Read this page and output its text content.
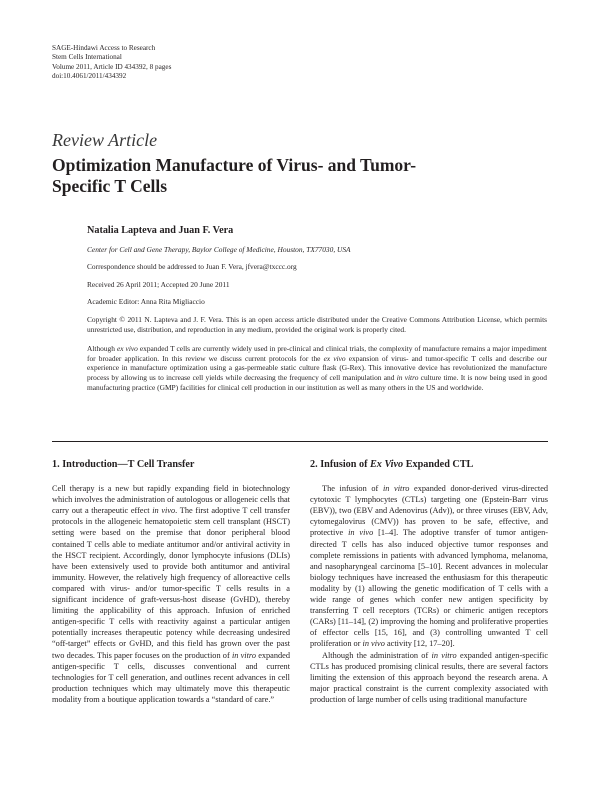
SAGE-Hindawi Access to Research
Stem Cells International
Volume 2011, Article ID 434392, 8 pages
doi:10.4061/2011/434392
Review Article
Optimization Manufacture of Virus- and Tumor-Specific T Cells
Natalia Lapteva and Juan F. Vera
Center for Cell and Gene Therapy, Baylor College of Medicine, Houston, TX77030, USA
Correspondence should be addressed to Juan F. Vera, jfvera@txccc.org
Received 26 April 2011; Accepted 20 June 2011
Academic Editor: Anna Rita Migliaccio
Copyright © 2011 N. Lapteva and J. F. Vera. This is an open access article distributed under the Creative Commons Attribution License, which permits unrestricted use, distribution, and reproduction in any medium, provided the original work is properly cited.
Although ex vivo expanded T cells are currently widely used in pre-clinical and clinical trials, the complexity of manufacture remains a major impediment for broader application. In this review we discuss current protocols for the ex vivo expansion of virus- and tumor-specific T cells and describe our experience in manufacture optimization using a gas-permeable static culture flask (G-Rex). This innovative device has revolutionized the manufacture process by allowing us to increase cell yields while decreasing the frequency of cell manipulation and in vitro culture time. It is now being used in good manufacturing practice (GMP) facilities for clinical cell production in our institution as well as many others in the US and worldwide.
1. Introduction—T Cell Transfer

Cell therapy is a new but rapidly expanding field in biotechnology which involves the administration of autologous or allogeneic cells that carry out a therapeutic effect in vivo. The first adoptive T cell transfer protocols in the allogeneic hematopoietic stem cell transplant (HSCT) setting were based on the premise that donor peripheral blood contained T cells able to mediate antitumor and/or antiviral activity in the HSCT recipient. Accordingly, donor lymphocyte infusions (DLIs) have been extensively used to provide both antitumor and antiviral immunity. However, the relatively high frequency of alloreactive cells compared with virus- and/or tumor-specific T cells results in a significant incidence of graft-versus-host disease (GvHD), thereby limiting the applicability of this approach. Infusion of enriched antigen-specific T cells with reactivity against a particular antigen potentially increases therapeutic potency while decreasing undesired “off-target” effects or GvHD, and this field has grown over the past two decades. This paper focuses on the production of in vitro expanded antigen-specific T cells, discusses conventional and current technologies for T cell generation, and outlines recent advances in cell production techniques which may ultimately move this therapeutic modality from a boutique application towards a “standard of care.”

2. Infusion of Ex Vivo Expanded CTL

The infusion of in vitro expanded donor-derived virus-directed cytotoxic T lymphocytes (CTLs) targeting one (Epstein-Barr virus (EBV)), two (EBV and Adenovirus (Adv)), or three viruses (EBV, Adv, cytomegalovirus (CMV)) has proven to be safe, effective, and protective in vivo [1–4]. The adoptive transfer of tumor antigen-directed T cells has also induced objective tumor responses and complete remissions in patients with advanced lymphoma, melanoma, and nasopharyngeal carcinoma [5–10]. Recent advances in molecular biology techniques have increased the enthusiasm for this therapeutic modality by (1) allowing the genetic modification of T cells with a wide range of genes which confer new antigen specificity by transferring T cell receptors (TCRs) or chimeric antigen receptors (CARs) [11–14], (2) improving the homing and proliferative properties of effector cells [15, 16], and (3) controlling unwanted T cell proliferation or in vivo activity [12, 17–20].

Although the administration of in vitro expanded antigen-specific CTLs has produced promising clinical results, there are several factors limiting the extension of this approach beyond the research arena. A major practical constraint is the current complexity associated with production of large number of cells using traditional manufacture
